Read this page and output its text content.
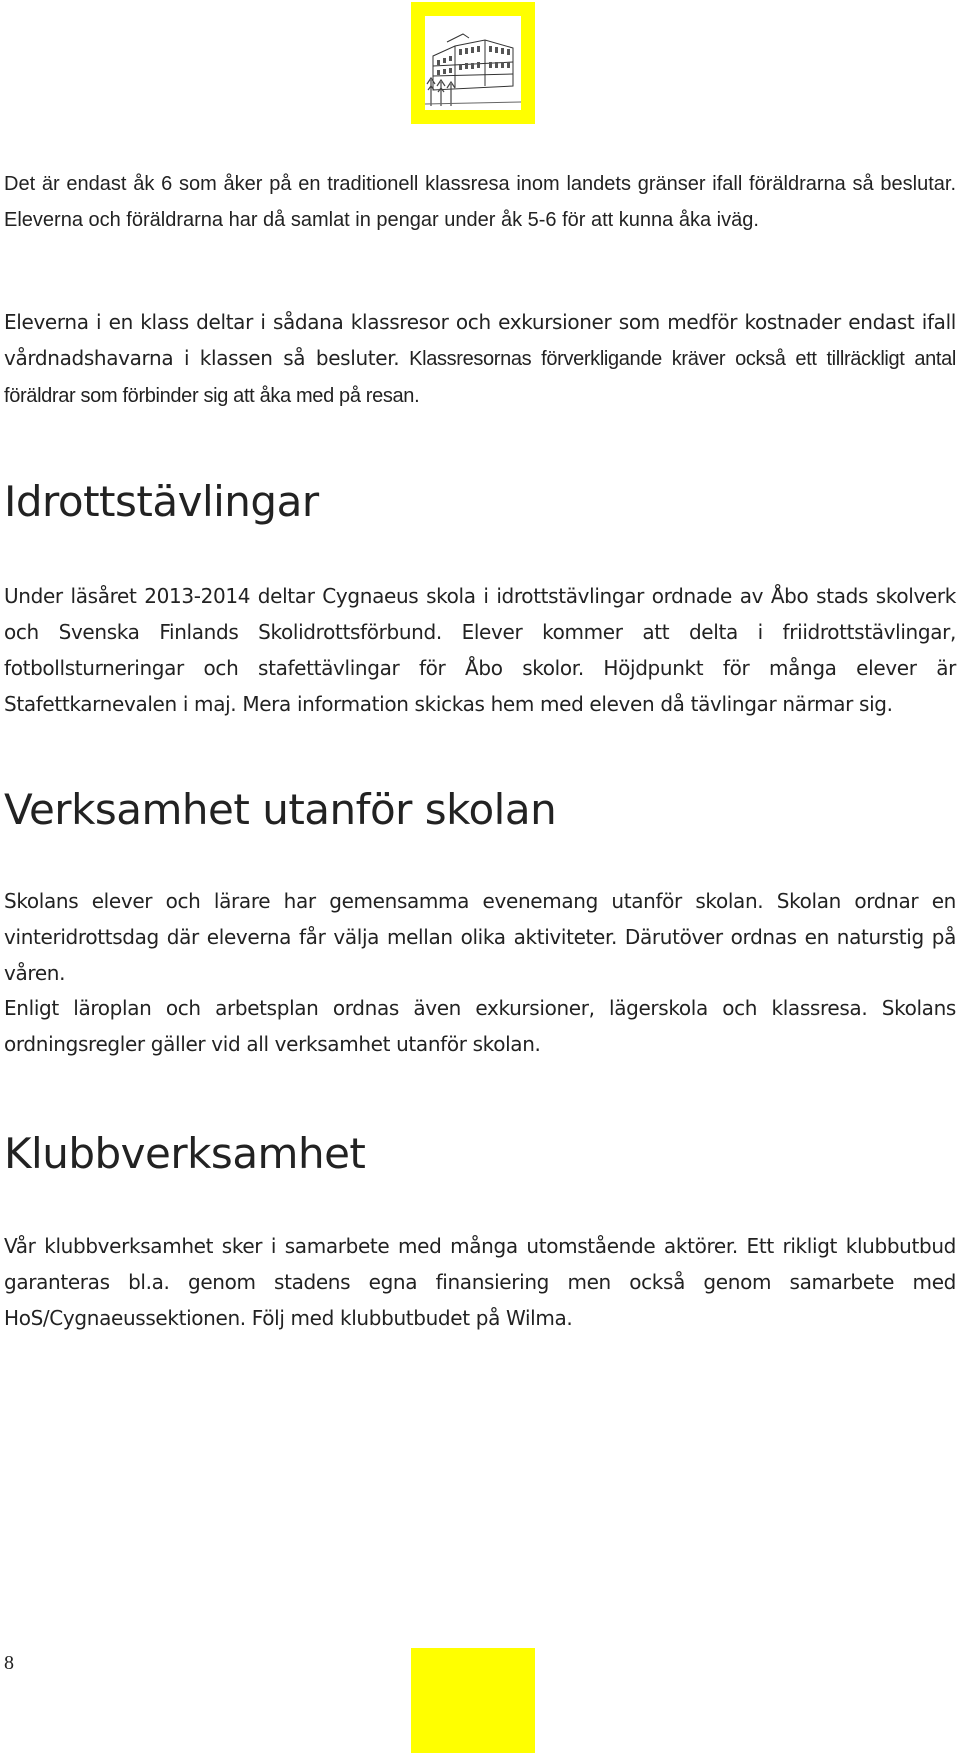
Det är endast åk 6 som åker på en traditionell klassresa inom landets gränser ifall föräldrarna så beslutar. Eleverna och föräldrarna har då samlat in pengar under åk 5-6 för att kunna åka iväg.

Eleverna i en klass deltar i sådana klassresor och exkursioner som medför kostnader endast ifall vårdnadshavarna i klassen så besluter. Klassresornas förverkligande kräver också ett tillräckligt antal föräldrar som förbinder sig att åka med på resan.

Idrottstävlingar

Under läsåret 2013-2014 deltar Cygnaeus skola i idrottstävlingar ordnade av Åbo stads skolverk och Svenska Finlands Skolidrottsförbund. Elever kommer att delta i friidrottstävlingar, fotbollsturneringar och stafettävlingar för Åbo skolor. Höjdpunkt för många elever är Stafettkarnevalen i maj. Mera information skickas hem med eleven då tävlingar närmar sig.

Verksamhet utanför skolan

Skolans elever och lärare har gemensamma evenemang utanför skolan. Skolan ordnar en vinteridrottsdag där eleverna får välja mellan olika aktiviteter. Därutöver ordnas en naturstig på våren.

Enligt läroplan och arbetsplan ordnas även exkursioner, lägerskola och klassresa. Skolans ordningsregler gäller vid all verksamhet utanför skolan.

Klubbverksamhet

Vår klubbverksamhet sker i samarbete med många utomstående aktörer. Ett rikligt klubbutbud garanteras bl.a. genom stadens egna finansiering men också genom samarbete med HoS/Cygnaeussektionen. Följ med klubbutbudet på Wilma.

8
